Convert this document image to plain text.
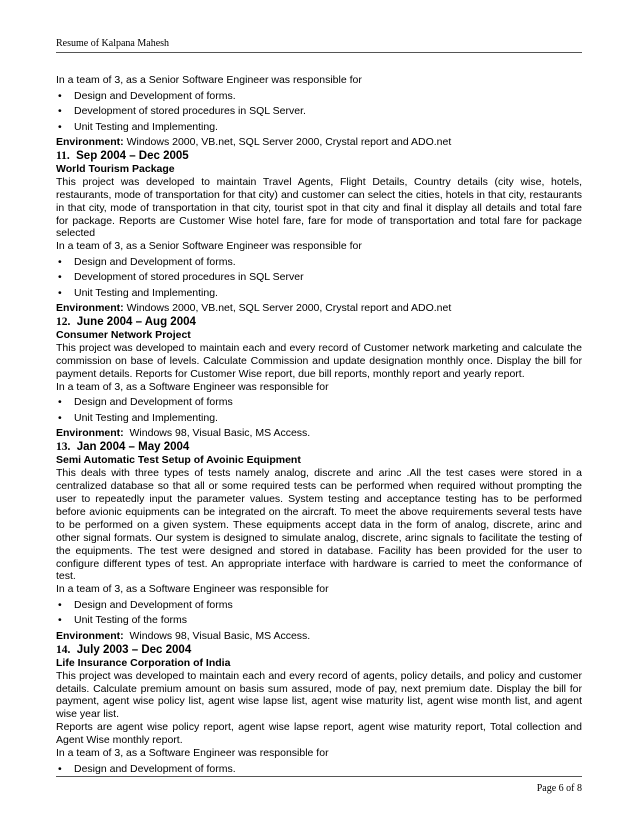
Resume of Kalpana Mahesh

In a team of 3, as a Senior Software Engineer was responsible for

• Design and Development of forms.
• Development of stored procedures in SQL Server.
• Unit Testing and Implementing.

Environment: Windows 2000, VB.net, SQL Server 2000, Crystal report and ADO.net

11. Sep 2004 – Dec 2005

World Tourism Package

This project was developed to maintain Travel Agents, Flight Details, Country details (city wise, hotels, restaurants, mode of transportation for that city) and customer can select the cities, hotels in that city, restaurants in that city, mode of transportation in that city, tourist spot in that city and final it display all details and total fare for package. Reports are Customer Wise hotel fare, fare for mode of transportation and total fare for package selected

In a team of 3, as a Senior Software Engineer was responsible for

• Design and Development of forms.
• Development of stored procedures in SQL Server
• Unit Testing and Implementing.

Environment: Windows 2000, VB.net, SQL Server 2000, Crystal report and ADO.net

12. June 2004 – Aug 2004

Consumer Network Project

This project was developed to maintain each and every record of Customer network marketing and calculate the commission on base of levels. Calculate Commission and update designation monthly once. Display the bill for payment details. Reports for Customer Wise report, due bill reports, monthly report and yearly report.

In a team of 3, as a Software Engineer was responsible for

• Design and Development of forms
• Unit Testing and Implementing.

Environment: Windows 98, Visual Basic, MS Access.

13. Jan 2004 – May 2004

Semi Automatic Test Setup of Avoinic Equipment

This deals with three types of tests namely analog, discrete and arinc .All the test cases were stored in a centralized database so that all or some required tests can be performed when required without prompting the user to repeatedly input the parameter values. System testing and acceptance testing has to be performed before avionic equipments can be integrated on the aircraft. To meet the above requirements several tests have to be performed on a given system. These equipments accept data in the form of analog, discrete, arinc and other signal formats. Our system is designed to simulate analog, discrete, arinc signals to facilitate the testing of the equipments. The test were designed and stored in database. Facility has been provided for the user to configure different types of test. An appropriate interface with hardware is carried to meet the conformance of test.

In a team of 3, as a Software Engineer was responsible for

• Design and Development of forms
• Unit Testing of the forms

Environment: Windows 98, Visual Basic, MS Access.

14. July 2003 – Dec 2004

Life Insurance Corporation of India

This project was developed to maintain each and every record of agents, policy details, and policy and customer details. Calculate premium amount on basis sum assured, mode of pay, next premium date. Display the bill for payment, agent wise policy list, agent wise lapse list, agent wise maturity list, agent wise month list, and agent wise year list.

Reports are agent wise policy report, agent wise lapse report, agent wise maturity report, Total collection and Agent Wise monthly report.

In a team of 3, as a Software Engineer was responsible for

• Design and Development of forms.
Page 6 of 8
